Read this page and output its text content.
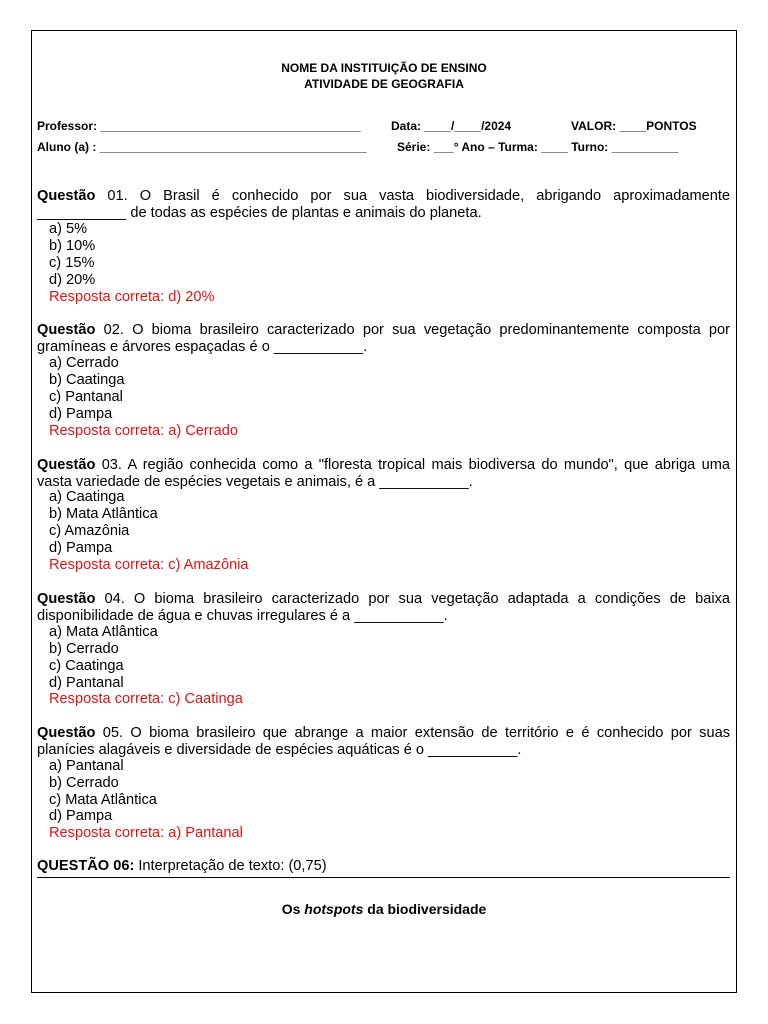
NOME DA INSTITUIÇÃO DE ENSINO
ATIVIDADE DE GEOGRAFIA
Professor: _______________________________________	Data: ____/____/2024	VALOR: ____PONTOS
Aluno (a) : ________________________________________	Série: ___° Ano – Turma: ____ Turno: __________
Questão 01. O Brasil é conhecido por sua vasta biodiversidade, abrigando aproximadamente ___________ de todas as espécies de plantas e animais do planeta.
a) 5%
b) 10%
c) 15%
d) 20%
Resposta correta: d) 20%
Questão 02. O bioma brasileiro caracterizado por sua vegetação predominantemente composta por gramíneas e árvores espaçadas é o ___________.
a) Cerrado
b) Caatinga
c) Pantanal
d) Pampa
Resposta correta: a) Cerrado
Questão 03. A região conhecida como a "floresta tropical mais biodiversa do mundo", que abriga uma vasta variedade de espécies vegetais e animais, é a ___________.
a) Caatinga
b) Mata Atlântica
c) Amazônia
d) Pampa
Resposta correta: c) Amazônia
Questão 04. O bioma brasileiro caracterizado por sua vegetação adaptada a condições de baixa disponibilidade de água e chuvas irregulares é a ___________.
a) Mata Atlântica
b) Cerrado
c) Caatinga
d) Pantanal
Resposta correta: c) Caatinga
Questão 05. O bioma brasileiro que abrange a maior extensão de território e é conhecido por suas planícies alagáveis e diversidade de espécies aquáticas é o ___________.
a) Pantanal
b) Cerrado
c) Mata Atlântica
d) Pampa
Resposta correta: a) Pantanal
QUESTÃO 06: Interpretação de texto: (0,75)
Os hotspots da biodiversidade
